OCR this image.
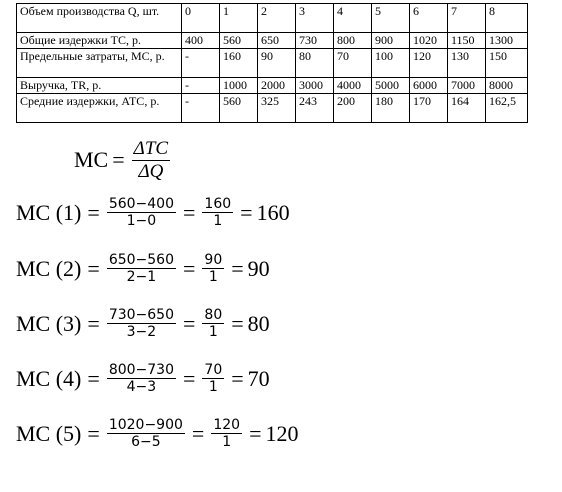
Объем производства Q, шт.	0	1	2	3	4	5	6	7	8
Общие издержки ТС, р.	400	560	650	730	800	900	1020	1150	1300
Предельные затраты, МС, р.	-	160	90	80	70	100	120	130	150
Выручка, TR, р.	-	1000	2000	3000	4000	5000	6000	7000	8000
Средние издержки, АТС, р.	-	560	325	243	200	180	170	164	162,5
MC = $\frac{\text{ΔTC}}{\Delta Q}$
MC $(1) = \frac{560-400}{1-0} = \frac{160}{1} = 160$
MC $(2) = \frac{650-560}{2-1} = \frac{90}{1} = 90$
MC $(3) = \frac{730-650}{3-2} = \frac{80}{1} = 80$
MC $(4) = \frac{800-730}{4-3} = \frac{70}{1} = 70$
MC $(5) = \frac{1020-900}{6-5} = \frac{120}{1} = 120$
